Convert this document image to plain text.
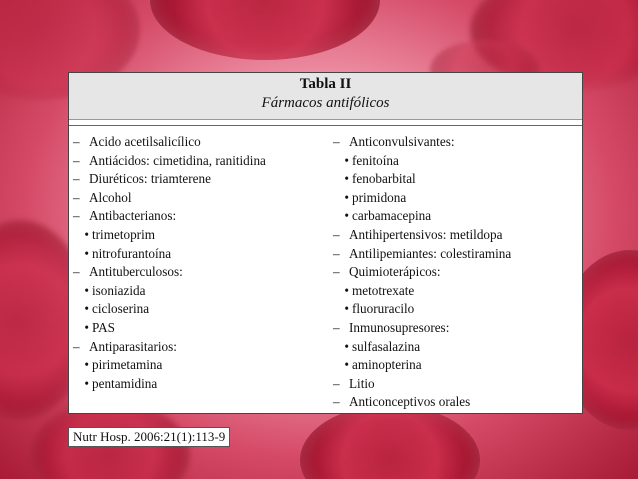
Tabla II
Fármacos antifólicos
– Acido acetilsalicílico
– Antiácidos: cimetidina, ranitidina
– Diuréticos: triamterene
– Alcohol
– Antibacterianos:
• trimetoprim
• nitrofurantoína
– Antituberculosos:
• isoniazida
• cicloserina
• PAS
– Antiparasitarios:
• pirimetamina
• pentamidina
– Anticonvulsivantes:
• fenitoína
• fenobarbital
• primidona
• carbamacepina
– Antihipertensivos: metildopa
– Antilipemiantes: colestiramina
– Quimioterápicos:
• metotrexate
• fluoruracilo
– Inmunosupresores:
• sulfasalazina
• aminopterina
– Litio
– Anticonceptivos orales
Nutr Hosp. 2006:21(1):113-9
